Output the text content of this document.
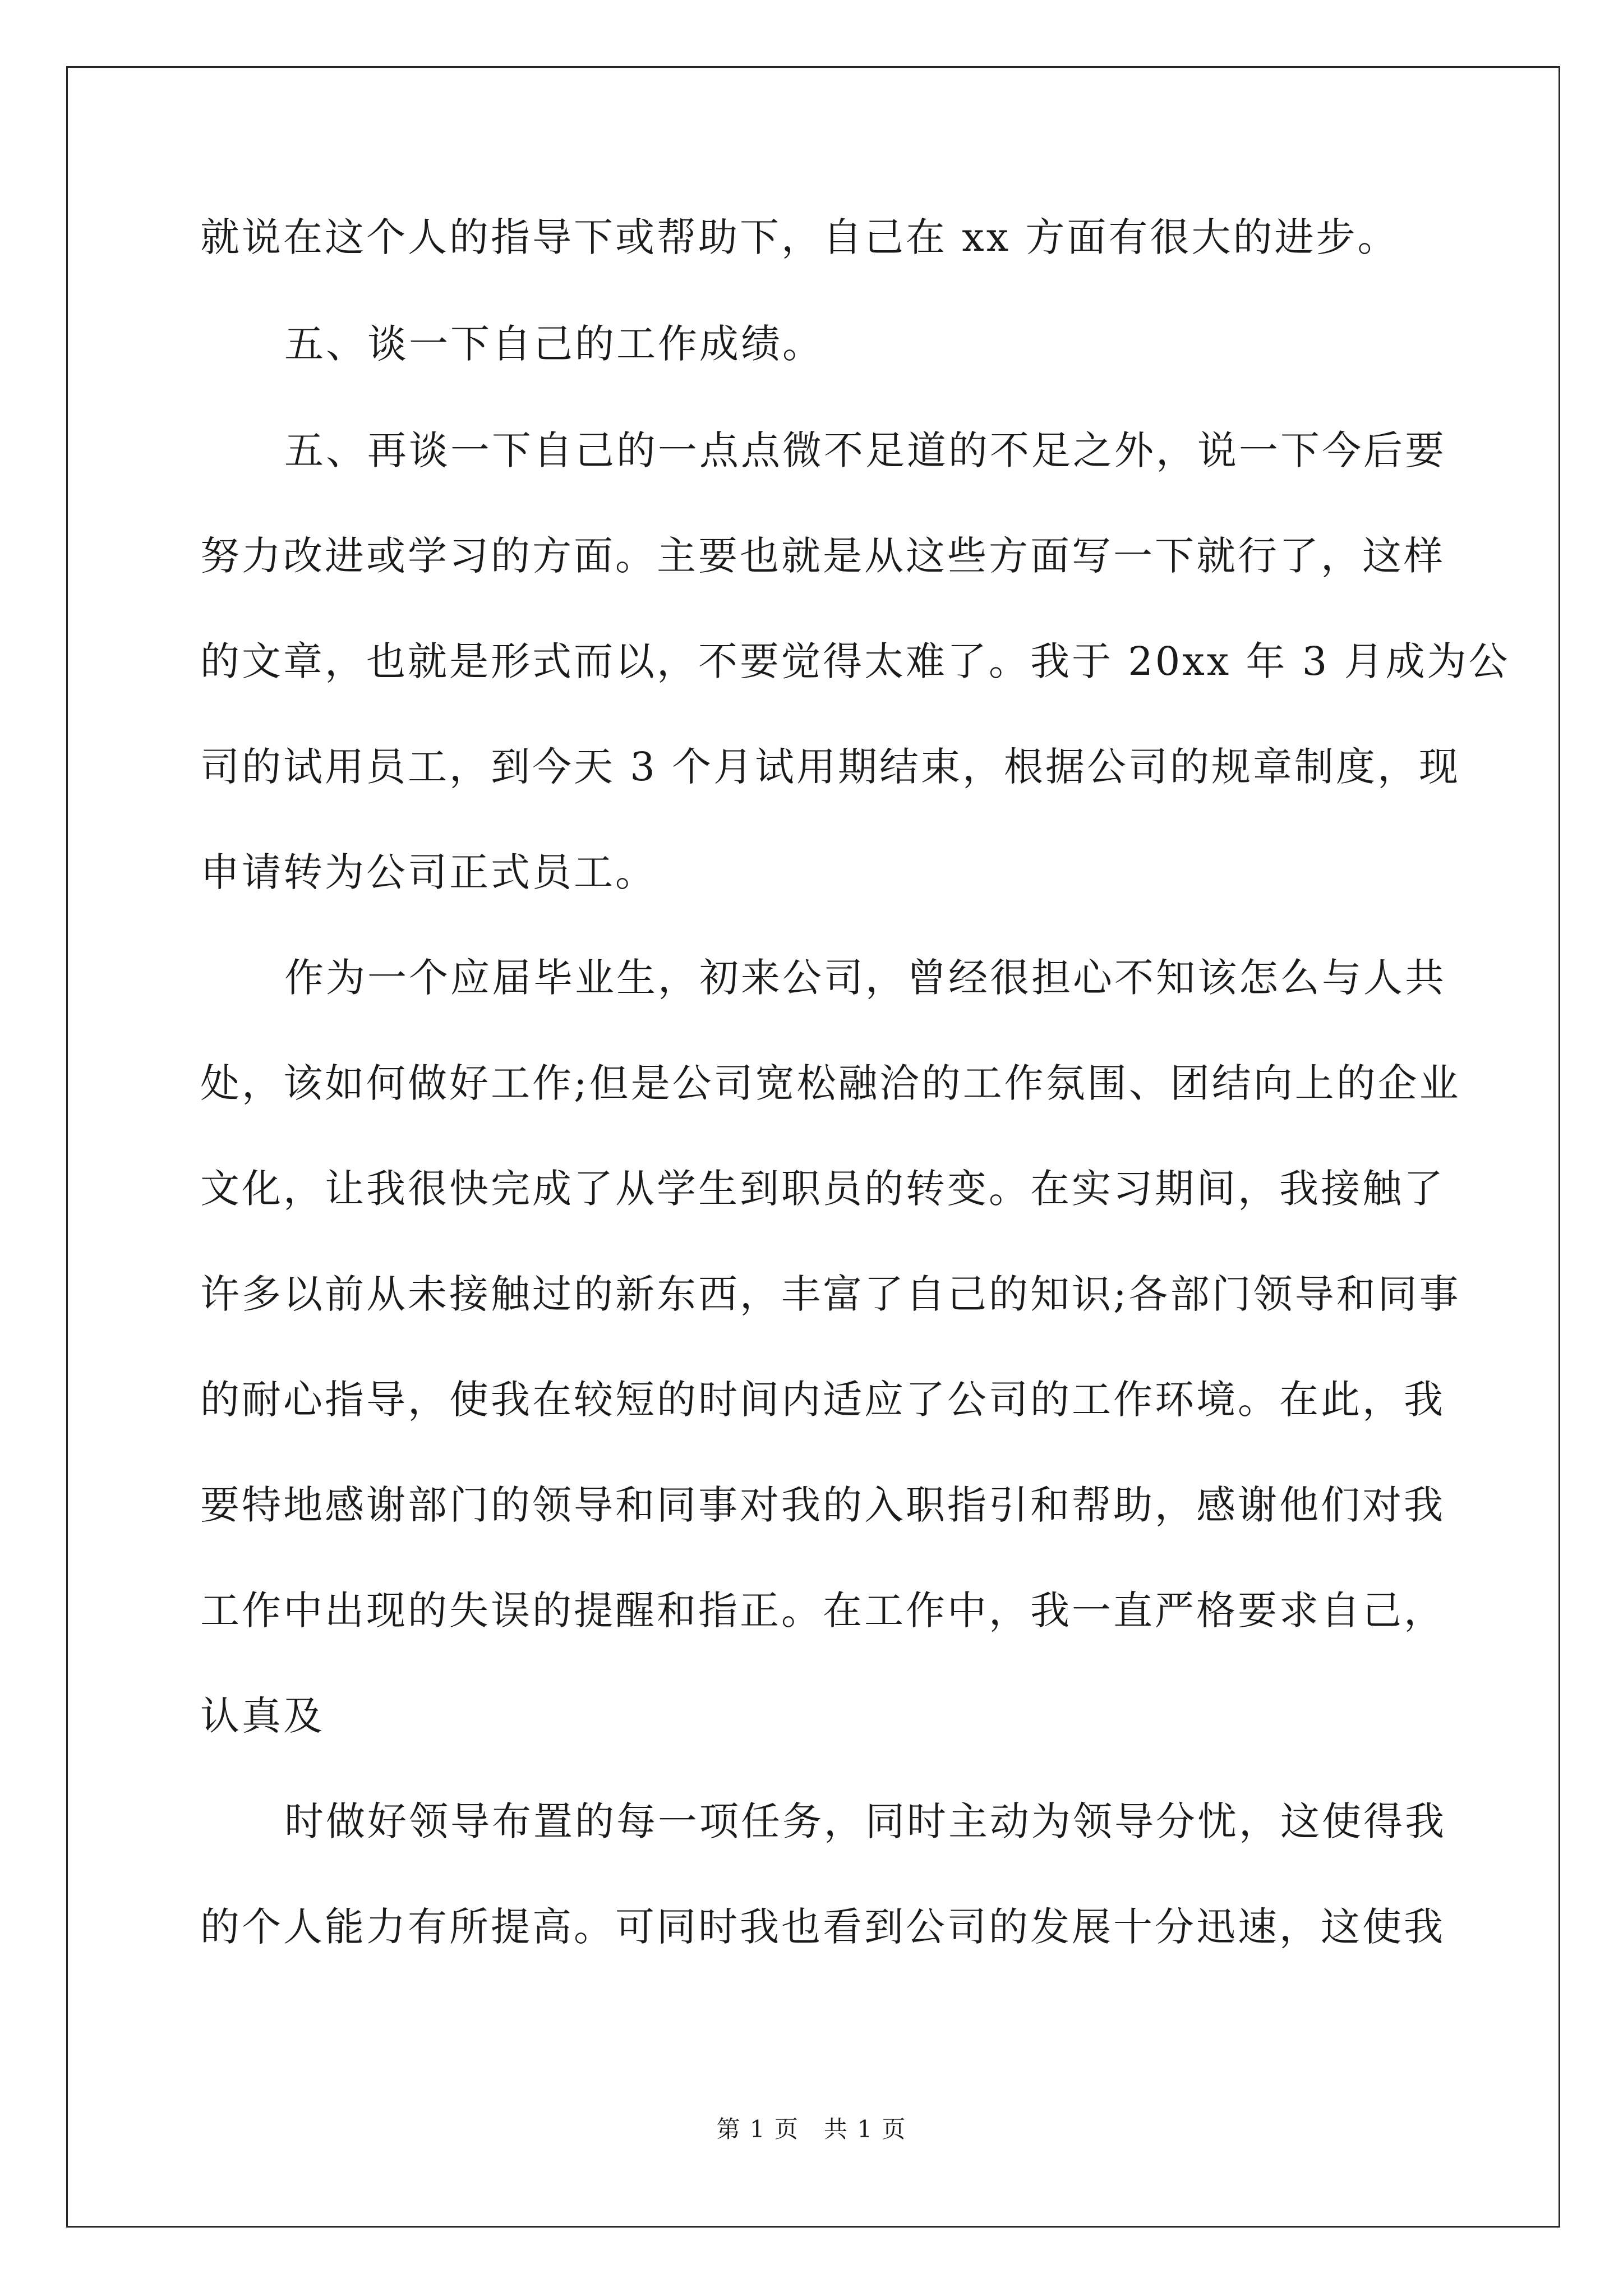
就说在这个人的指导下或帮助下，自己在 xx 方面有很大的进步。
五、谈一下自己的工作成绩。
五、再谈一下自己的一点点微不足道的不足之外，说一下今后要
努力改进或学习的方面。主要也就是从这些方面写一下就行了，这样
的文章，也就是形式而以，不要觉得太难了。我于 20xx 年 3 月成为公
司的试用员工，到今天 3 个月试用期结束，根据公司的规章制度，现
申请转为公司正式员工。
作为一个应届毕业生，初来公司，曾经很担心不知该怎么与人共
处，该如何做好工作;但是公司宽松融洽的工作氛围、团结向上的企业
文化，让我很快完成了从学生到职员的转变。在实习期间，我接触了
许多以前从未接触过的新东西，丰富了自己的知识;各部门领导和同事
的耐心指导，使我在较短的时间内适应了公司的工作环境。在此，我
要特地感谢部门的领导和同事对我的入职指引和帮助，感谢他们对我
工作中出现的失误的提醒和指正。在工作中，我一直严格要求自己，
认真及
时做好领导布置的每一项任务，同时主动为领导分忧，这使得我
的个人能力有所提高。可同时我也看到公司的发展十分迅速，这使我
第 1 页　共 1 页
